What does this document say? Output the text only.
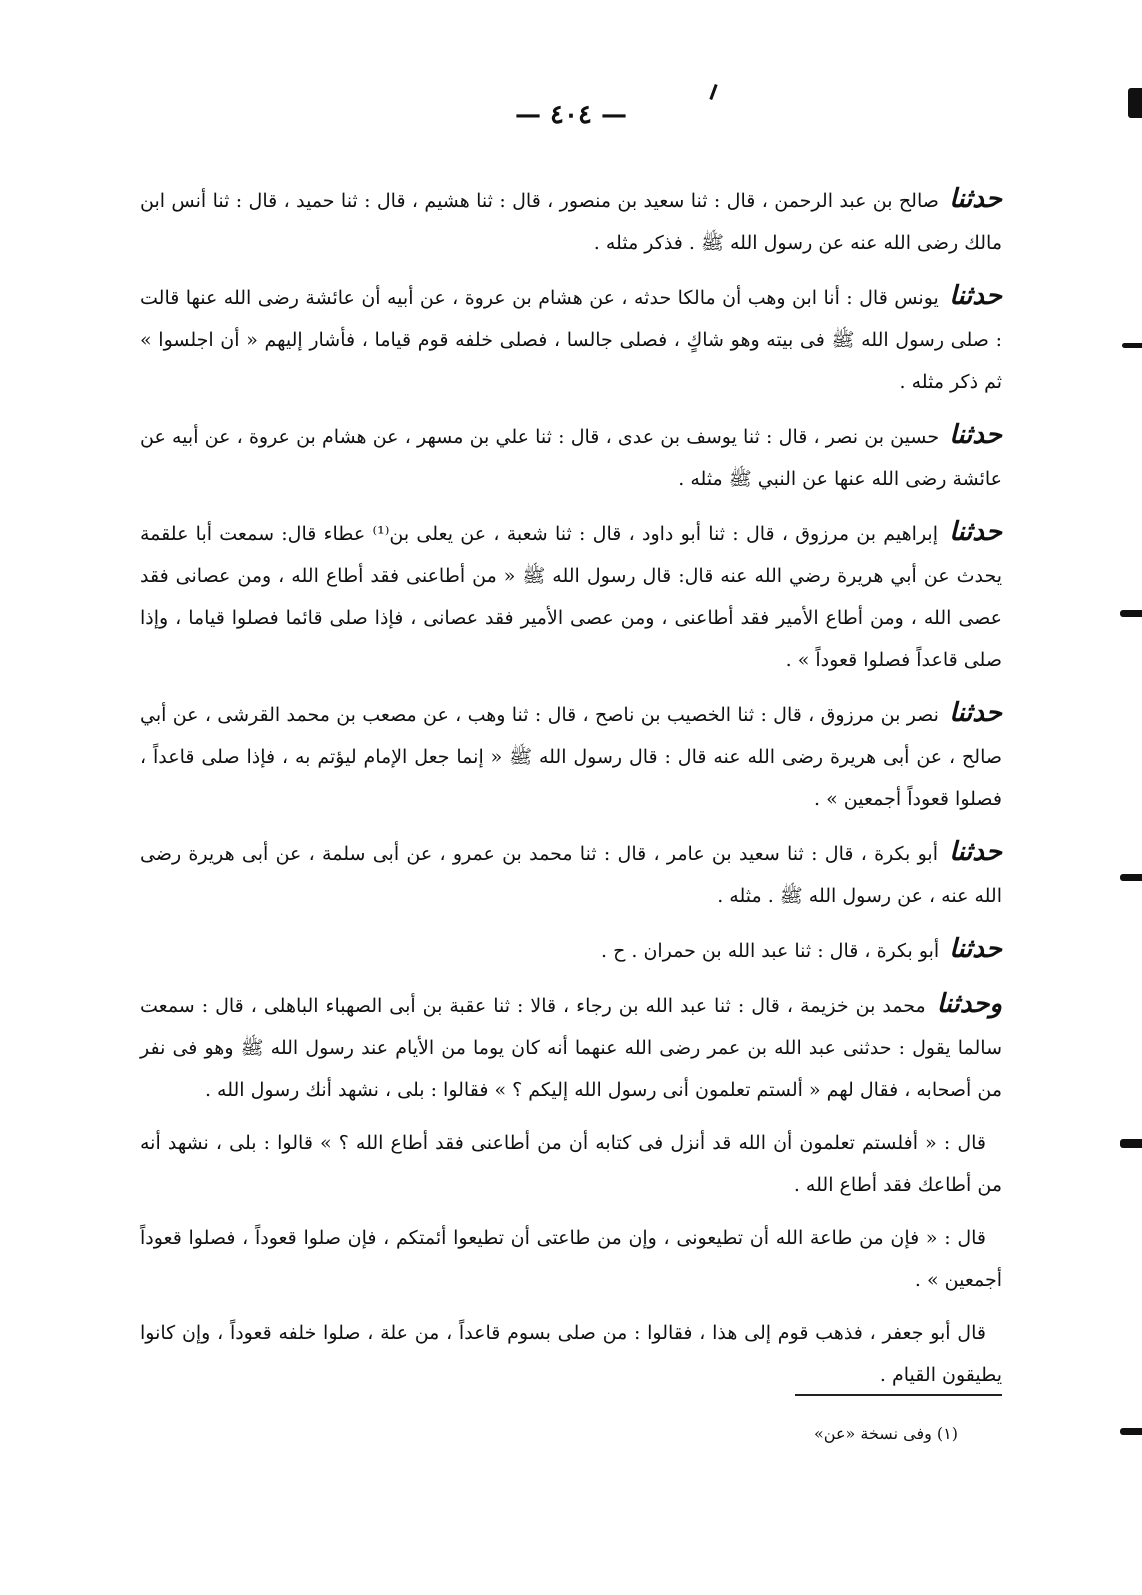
— ٤٠٤ —

حدثنا صالح بن عبد الرحمن ، قال : ثنا سعيد بن منصور ، قال : ثنا هشيم ، قال : ثنا حميد ، قال : ثنا أنس ابن مالك رضى الله عنه عن رسول الله ﷺ . فذكر مثله .

حدثنا يونس قال : أنا ابن وهب أن مالكا حدثه ، عن هشام بن عروة ، عن أبيه أن عائشة رضى الله عنها قالت : صلى رسول الله ﷺ فى بيته وهو شاكٍ ، فصلى جالسا ، فصلى خلفه قوم قياما ، فأشار إليهم « أن اجلسوا » ثم ذكر مثله .

حدثنا حسين بن نصر ، قال : ثنا يوسف بن عدى ، قال : ثنا علي بن مسهر ، عن هشام بن عروة ، عن أبيه عن عائشة رضى الله عنها عن النبي ﷺ مثله .

حدثنا إبراهيم بن مرزوق ، قال : ثنا أبو داود ، قال : ثنا شعبة ، عن يعلى بن⁽¹⁾ عطاء قال: سمعت أبا علقمة يحدث عن أبي هريرة رضي الله عنه قال: قال رسول الله ﷺ « من أطاعنى فقد أطاع الله ، ومن عصانى فقد عصى الله ، ومن أطاع الأمير فقد أطاعنى ، ومن عصى الأمير فقد عصانى ، فإذا صلى قائما فصلوا قياما ، وإذا صلى قاعداً فصلوا قعوداً » .

حدثنا نصر بن مرزوق ، قال : ثنا الخصيب بن ناصح ، قال : ثنا وهب ، عن مصعب بن محمد القرشى ، عن أبي صالح ، عن أبى هريرة رضى الله عنه قال : قال رسول الله ﷺ « إنما جعل الإمام ليؤتم به ، فإذا صلى قاعداً ، فصلوا قعوداً أجمعين » .

حدثنا أبو بكرة ، قال : ثنا سعيد بن عامر ، قال : ثنا محمد بن عمرو ، عن أبى سلمة ، عن أبى هريرة رضى الله عنه ، عن رسول الله ﷺ . مثله .

حدثنا أبو بكرة ، قال : ثنا عبد الله بن حمران . ح .

وحدثنا محمد بن خزيمة ، قال : ثنا عبد الله بن رجاء ، قالا : ثنا عقبة بن أبى الصهباء الباهلى ، قال : سمعت سالما يقول : حدثنى عبد الله بن عمر رضى الله عنهما أنه كان يوما من الأيام عند رسول الله ﷺ وهو فى نفر من أصحابه ، فقال لهم « ألستم تعلمون أنى رسول الله إليكم ؟ » فقالوا : بلى ، نشهد أنك رسول الله .

قال : « أفلستم تعلمون أن الله قد أنزل فى كتابه أن من أطاعنى فقد أطاع الله ؟ » قالوا : بلى ، نشهد أنه من أطاعك فقد أطاع الله .

قال : « فإن من طاعة الله أن تطيعونى ، وإن من طاعتى أن تطيعوا أئمتكم ، فإن صلوا قعوداً ، فصلوا قعوداً أجمعين » .

قال أبو جعفر ، فذهب قوم إلى هذا ، فقالوا : من صلى بسوم قاعداً ، من علة ، صلوا خلفه قعوداً ، وإن كانوا يطيقون القيام .

(١) وفى نسخة «عن»
